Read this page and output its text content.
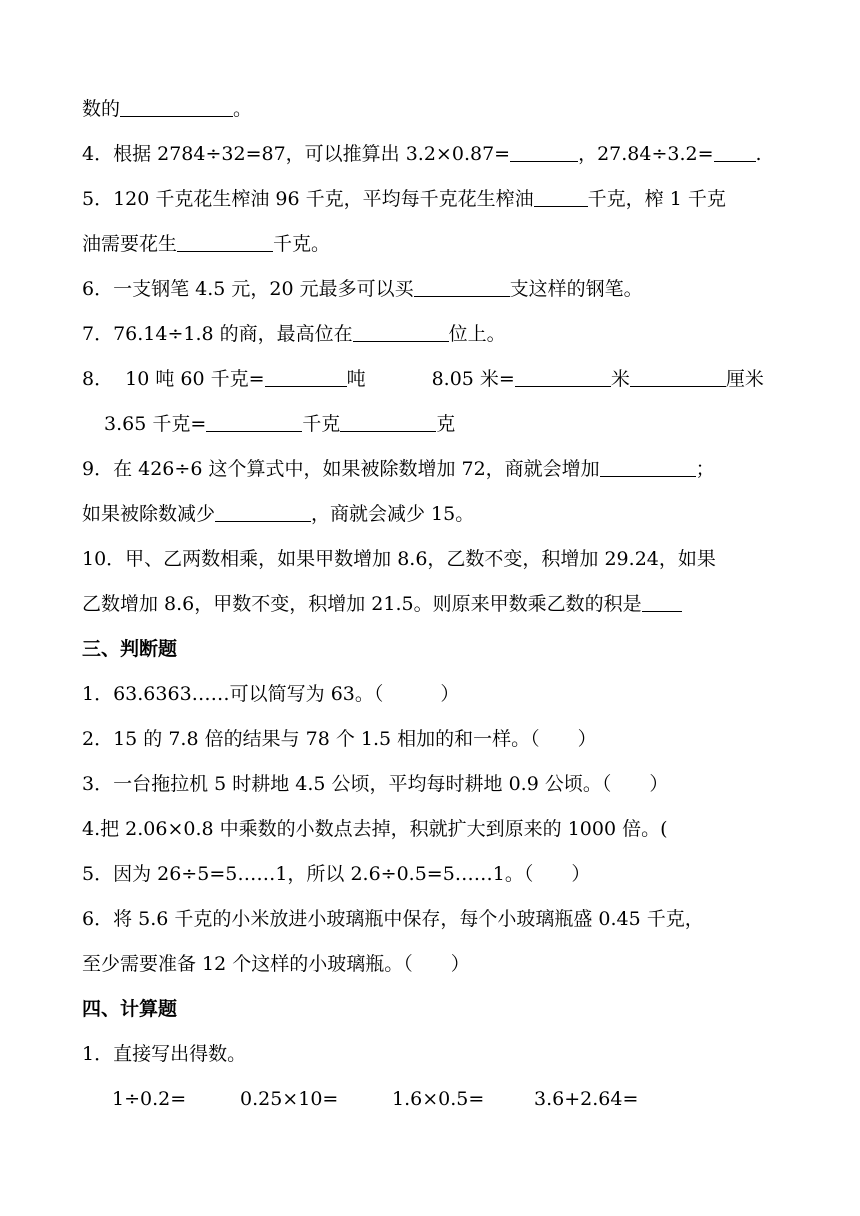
数的	。
4．根据 2784÷32=87，可以推算出 3.2×0.87=	，27.84÷3.2= .
5．120 千克花生榨油 96 千克，平均每千克花生榨油	千克，榨 1 千克
油需要花生	千克。
6．一支钢笔 4.5 元，20 元最多可以买	支这样的钢笔。
7．76.14÷1.8 的商，最高位在	位上。
8．  10 吨 60 千克=	吨	8.05 米=	米	厘米
3.65 千克=	千克	克
9．在 426÷6 这个算式中，如果被除数增加 72，商就会增加	；
如果被除数减少	，商就会减少 15。
10．甲、乙两数相乘，如果甲数增加 8.6，乙数不变，积增加 29.24，如果
乙数增加 8.6，甲数不变，积增加 21.5。则原来甲数乘乙数的积是
三、判断题
1．63.6363……可以简写为 63。（　　　）
2．15 的 7.8 倍的结果与 78 个 1.5 相加的和一样。（　　）
3．一台拖拉机 5 时耕地 4.5 公顷，平均每时耕地 0.9 公顷。（　　）
4.把 2.06×0.8 中乘数的小数点去掉，积就扩大到原来的 1000 倍。(
5．因为 26÷5=5……1，所以 2.6÷0.5=5……1。（　　）
6．将 5.6 千克的小米放进小玻璃瓶中保存，每个小玻璃瓶盛 0.45 千克，
至少需要准备 12 个这样的小玻璃瓶。（　　）
四、计算题
1．直接写出得数。
1÷0.2=	0.25×10=	1.6×0.5=	3.6+2.64=
